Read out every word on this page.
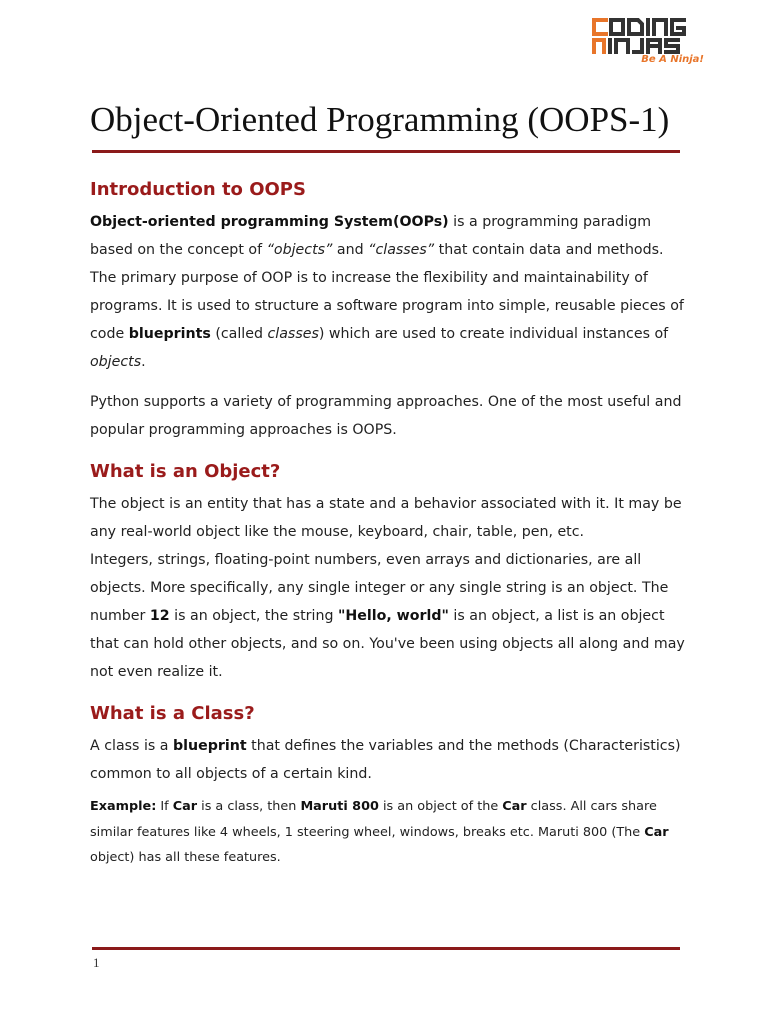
Be A Ninja!
Object-Oriented Programming (OOPS-1)
Introduction to OOPS

Object-oriented programming System(OOPs) is a programming paradigm based on the concept of “objects” and “classes” that contain data and methods. The primary purpose of OOP is to increase the flexibility and maintainability of programs. It is used to structure a software program into simple, reusable pieces of code blueprints (called classes) which are used to create individual instances of objects.

Python supports a variety of programming approaches. One of the most useful and popular programming approaches is OOPS.

What is an Object?

The object is an entity that has a state and a behavior associated with it. It may be any real-world object like the mouse, keyboard, chair, table, pen, etc.

Integers, strings, floating-point numbers, even arrays and dictionaries, are all objects. More specifically, any single integer or any single string is an object. The number 12 is an object, the string "Hello, world" is an object, a list is an object that can hold other objects, and so on. You've been using objects all along and may not even realize it.

What is a Class?

A class is a blueprint that defines the variables and the methods (Characteristics) common to all objects of a certain kind.

Example: If Car is a class, then Maruti 800 is an object of the Car class. All cars share similar features like 4 wheels, 1 steering wheel, windows, breaks etc. Maruti 800 (The Car object) has all these features.

1
